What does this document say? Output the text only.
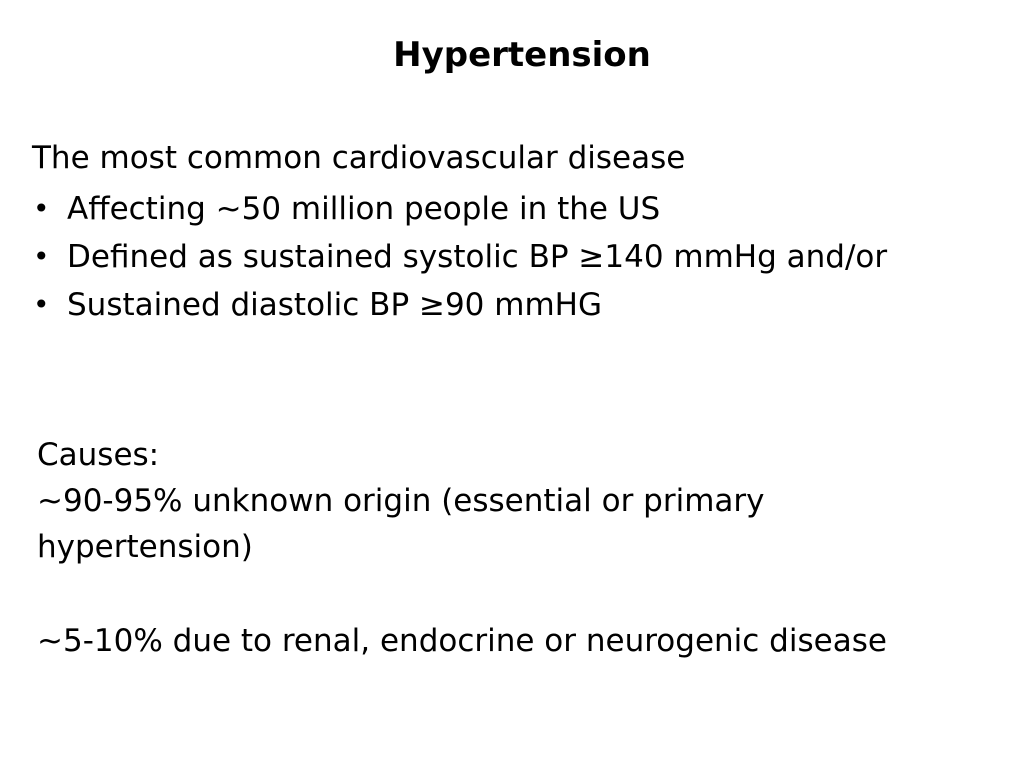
Hypertension
The most common cardiovascular disease
• Affecting ~50 million people in the US
• Defined as sustained systolic BP ≥140 mmHg and/or
• Sustained diastolic BP ≥90 mmHG

Causes:

~90-95% unknown origin (essential or primary hypertension)

~5-10% due to renal, endocrine or neurogenic disease
